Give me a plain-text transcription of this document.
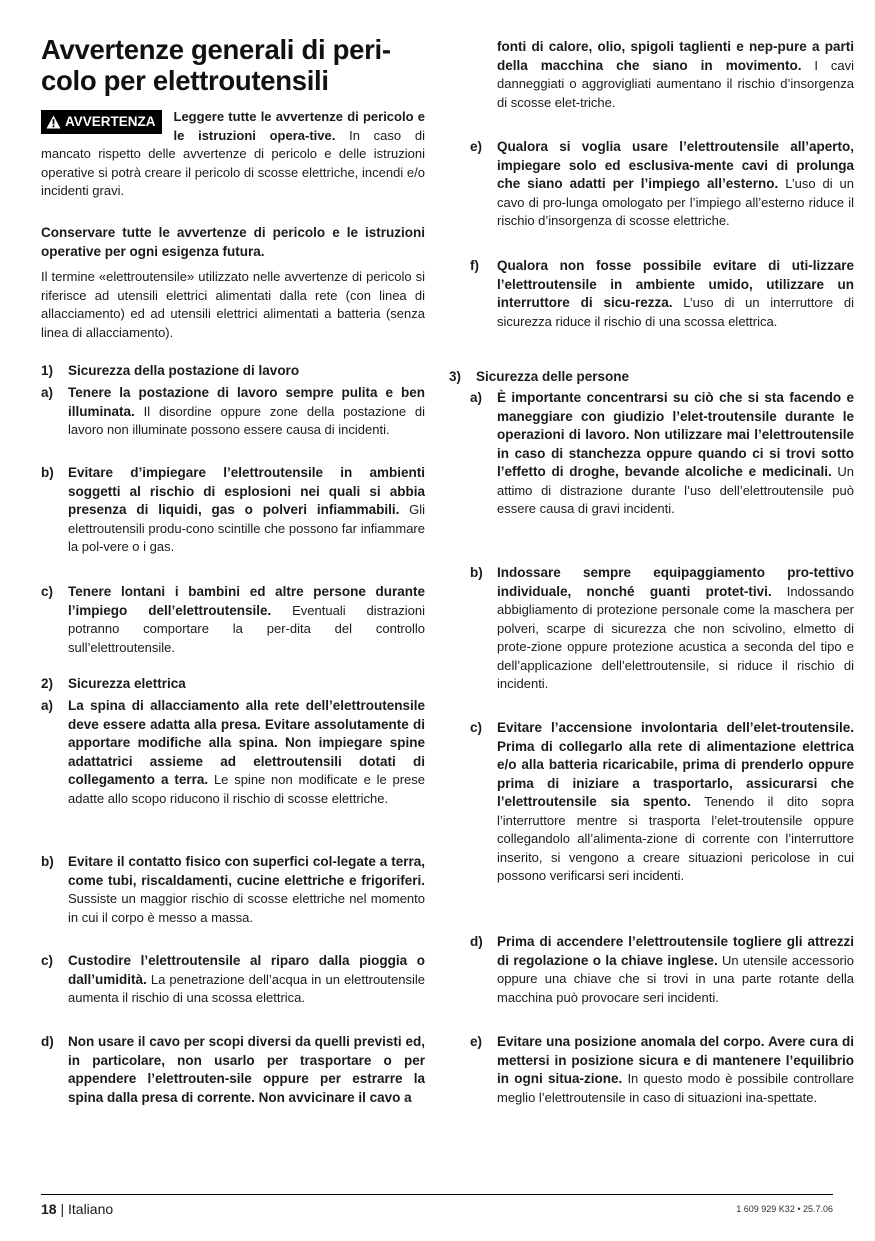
Avvertenze generali di peri-
colo per elettroutensili

AVVERTENZA Leggere tutte le avvertenze di pericolo e le istruzioni opera-tive. In caso di mancato rispetto delle avvertenze di pericolo e delle istruzioni operative si potrà creare il pericolo di scosse elettriche, incendi e/o incidenti gravi.

Conservare tutte le avvertenze di pericolo e le istruzioni operative per ogni esigenza futura.

Il termine «elettroutensile» utilizzato nelle avvertenze di pericolo si riferisce ad utensili elettrici alimentati dalla rete (con linea di allacciamento) ed ad utensili elettrici alimentati a batteria (senza linea di allacciamento).

1) Sicurezza della postazione di lavoro

a) Tenere la postazione di lavoro sempre pulita e ben illuminata. Il disordine oppure zone della postazione di lavoro non illuminate possono essere causa di incidenti.
b) Evitare d’impiegare l’elettroutensile in ambienti soggetti al rischio di esplosioni nei quali si abbia presenza di liquidi, gas o polveri infiammabili. Gli elettroutensili produ-cono scintille che possono far infiammare la pol-vere o i gas.
c) Tenere lontani i bambini ed altre persone durante l’impiego dell’elettroutensile. Eventuali distrazioni potranno comportare la per-dita del controllo sull’elettroutensile.

2) Sicurezza elettrica

a) La spina di allacciamento alla rete dell’elettroutensile deve essere adatta alla presa. Evitare assolutamente di apportare modifiche alla spina. Non impiegare spine adattatrici assieme ad elettroutensili dotati di collegamento a terra. Le spine non modificate e le prese adatte allo scopo riducono il rischio di scosse elettriche.
b) Evitare il contatto fisico con superfici col-legate a terra, come tubi, riscaldamenti, cucine elettriche e frigoriferi. Sussiste un maggior rischio di scosse elettriche nel momento in cui il corpo è messo a massa.
c) Custodire l’elettroutensile al riparo dalla pioggia o dall’umidità. La penetrazione dell’acqua in un elettroutensile aumenta il rischio di una scossa elettrica.
d) Non usare il cavo per scopi diversi da quelli previsti ed, in particolare, non usarlo per trasportare o per appendere l’elettrouten-sile oppure per estrarre la spina dalla presa di corrente. Non avvicinare il cavo a
fonti di calore, olio, spigoli taglienti e nep-pure a parti della macchina che siano in movimento. I cavi danneggiati o aggrovigliati aumentano il rischio d’insorgenza di scosse elet-triche.
e) Qualora si voglia usare l’elettroutensile all’aperto, impiegare solo ed esclusiva-mente cavi di prolunga che siano adatti per l’impiego all’esterno. L’uso di un cavo di pro-lunga omologato per l’impiego all’esterno riduce il rischio d’insorgenza di scosse elettriche.
f) Qualora non fosse possibile evitare di uti-lizzare l’elettroutensile in ambiente umido, utilizzare un interruttore di sicu-rezza. L’uso di un interruttore di sicurezza riduce il rischio di una scossa elettrica.

3) Sicurezza delle persone

a) È importante concentrarsi su ciò che si sta facendo e maneggiare con giudizio l’elet-troutensile durante le operazioni di lavoro. Non utilizzare mai l’elettroutensile in caso di stanchezza oppure quando ci si trovi sotto l’effetto di droghe, bevande alcoliche e medicinali. Un attimo di distrazione durante l’uso dell’elettroutensile può essere causa di gravi incidenti.
b) Indossare sempre equipaggiamento pro-tettivo individuale, nonché guanti protet-tivi. Indossando abbigliamento di protezione personale come la maschera per polveri, scarpe di sicurezza che non scivolino, elmetto di prote-zione oppure protezione acustica a seconda del tipo e dell’applicazione dell’elettroutensile, si riduce il rischio di incidenti.
c) Evitare l’accensione involontaria dell’elet-troutensile. Prima di collegarlo alla rete di alimentazione elettrica e/o alla batteria ricaricabile, prima di prenderlo oppure prima di iniziare a trasportarlo, assicurarsi che l’elettroutensile sia spento. Tenendo il dito sopra l’interruttore mentre si trasporta l’elet-troutensile oppure collegandolo all’alimenta-zione di corrente con l’interruttore inserito, si vengono a creare situazioni pericolose in cui possono verificarsi seri incidenti.
d) Prima di accendere l’elettroutensile togliere gli attrezzi di regolazione o la chiave inglese. Un utensile accessorio oppure una chiave che si trovi in una parte rotante della macchina può provocare seri incidenti.
e) Evitare una posizione anomala del corpo. Avere cura di mettersi in posizione sicura e di mantenere l’equilibrio in ogni situa-zione. In questo modo è possibile controllare meglio l’elettroutensile in caso di situazioni ina-spettate.
18 | Italiano	1 609 929 K32 • 25.7.06
